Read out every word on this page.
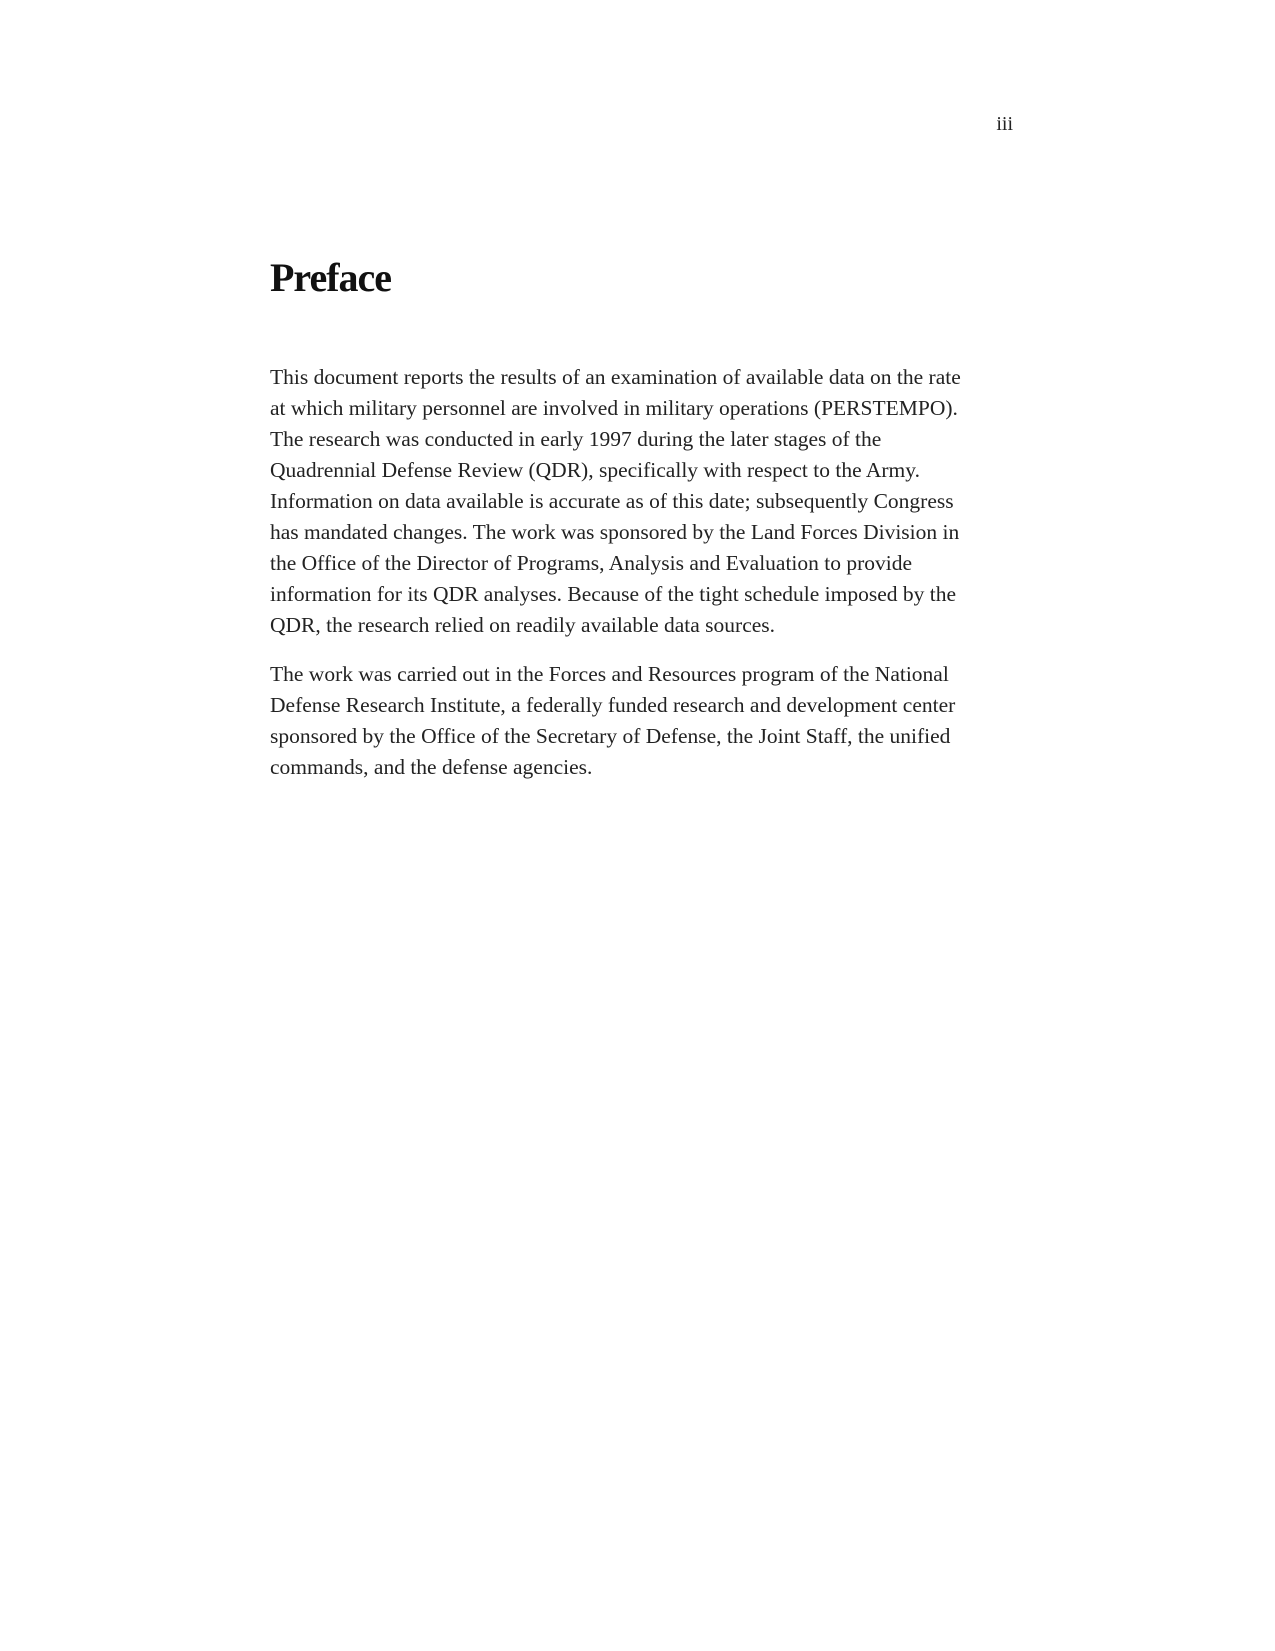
iii
Preface

This document reports the results of an examination of available data on the rate
at which military personnel are involved in military operations (PERSTEMPO).
The research was conducted in early 1997 during the later stages of the
Quadrennial Defense Review (QDR), specifically with respect to the Army.
Information on data available is accurate as of this date; subsequently Congress
has mandated changes. The work was sponsored by the Land Forces Division in
the Office of the Director of Programs, Analysis and Evaluation to provide
information for its QDR analyses. Because of the tight schedule imposed by the
QDR, the research relied on readily available data sources.

The work was carried out in the Forces and Resources program of the National
Defense Research Institute, a federally funded research and development center
sponsored by the Office of the Secretary of Defense, the Joint Staff, the unified
commands, and the defense agencies.
